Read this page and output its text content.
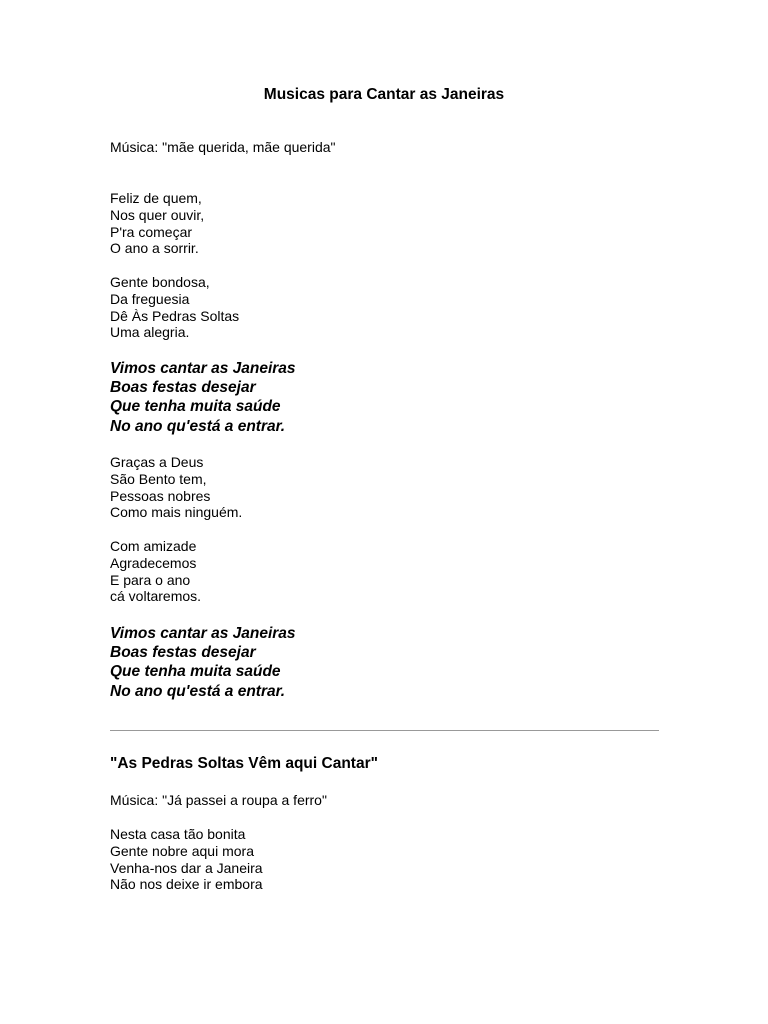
Musicas para Cantar as Janeiras

Música: "mãe querida, mãe querida"

Feliz de quem,
Nos quer ouvir,
P'ra começar
O ano a sorrir.
Gente bondosa,
Da freguesia
Dê Às Pedras Soltas
Uma alegria.
Vimos cantar as Janeiras
Boas festas desejar
Que tenha muita saúde
No ano qu'está a entrar.
Graças a Deus
São Bento tem,
Pessoas nobres
Como mais ninguém.
Com amizade
Agradecemos
E para o ano
cá voltaremos.
Vimos cantar as Janeiras
Boas festas desejar
Que tenha muita saúde
No ano qu'está a entrar.
"As Pedras Soltas Vêm aqui Cantar"

Música: "Já passei a roupa a ferro"

Nesta casa tão bonita
Gente nobre aqui mora
Venha-nos dar a Janeira
Não nos deixe ir embora
